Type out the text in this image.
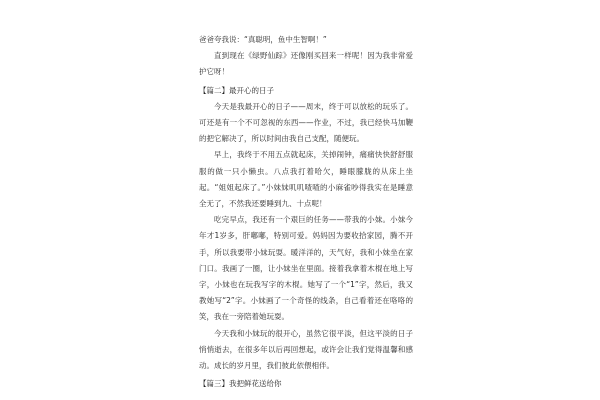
爸爸夸我说：“真聪明，鱼中生智啊！”

直到现在《绿野仙踪》还像刚买回来一样呢！因为我非常爱护它呀！

【篇二】最开心的日子

今天是我最开心的日子——周末，终于可以放松的玩乐了。可还是有一个不可忽视的东西——作业，不过，我已经快马加鞭的把它解决了，所以时间由我自己支配，随便玩。

早上，我终于不用五点就起床，关掉闹钟，痛痛快快舒舒服服的做一只小懒虫。八点我打着哈欠，睡眼朦胧的从床上坐起。“姐姐起床了。”小妹妹叽叽喳喳的小麻雀吵得我实在是睡意全无了，不然我还要睡到九、十点呢！

吃完早点，我还有一个艰巨的任务——带我的小妹。小妹今年才1岁多，肝嘟嘟，特别可爱。妈妈因为要收拾家园，腾不开手，所以我要带小妹玩耍。暖洋洋的，天气好，我和小妹坐在家门口。我画了一圈，让小妹坐在里面。接着我拿着木棍在地上写字，小妹也在玩我写字的木棍。她写了一个“1”字，然后，我又教她写“2”字。小妹画了一个奇怪的线条，自己看着还在咯咯的笑，我在一旁陪着她玩耍。

今天我和小妹玩的很开心，虽然它很平淡，但这平淡的日子悄悄逝去，在很多年以后再回想起，或许会让我们觉得温馨和感动。成长的岁月里，我们彼此依偎相伴。

【篇三】我把鲜花送给你
